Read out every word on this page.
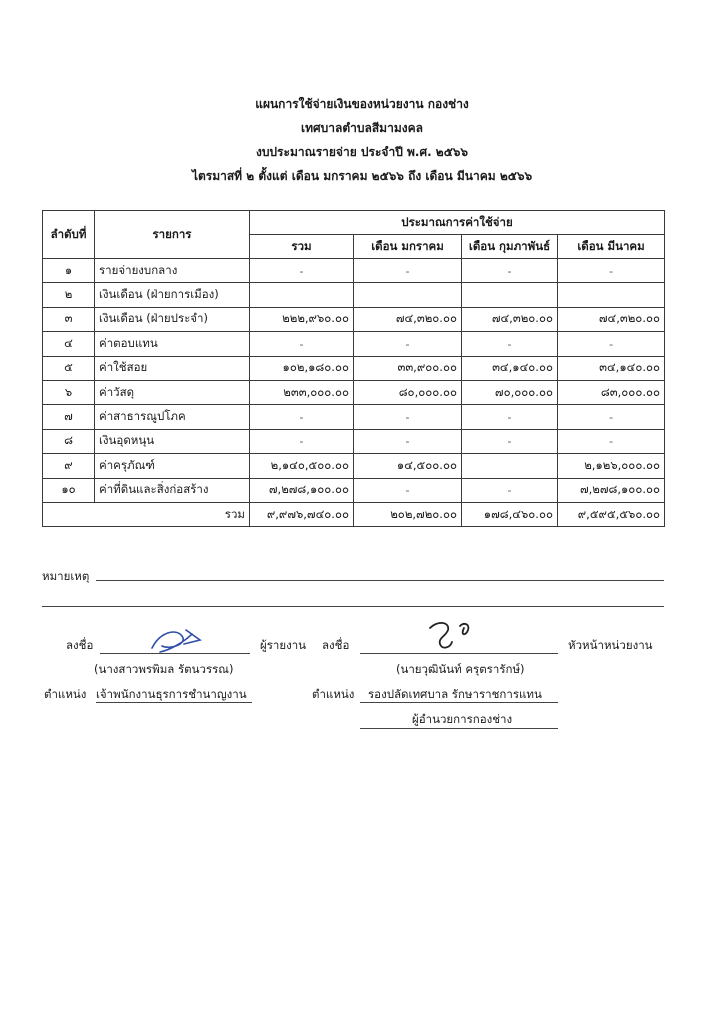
แผนการใช้จ่ายเงินของหน่วยงาน กองช่าง
เทศบาลตำบลสีมามงคล
งบประมาณรายจ่าย ประจำปี พ.ศ. ๒๕๖๖
ไตรมาสที่ ๒ ตั้งแต่ เดือน มกราคม ๒๕๖๖ ถึง เดือน มีนาคม ๒๕๖๖
ลำดับที่	รายการ	ประมาณการค่าใช้จ่าย			
		รวม	เดือน มกราคม	เดือน กุมภาพันธ์	เดือน มีนาคม
๑	รายจ่ายงบกลาง	-	-	-	-
๒	เงินเดือน (ฝ่ายการเมือง)				
๓	เงินเดือน (ฝ่ายประจำ)	๒๒๒,๙๖๐.๐๐	๗๔,๓๒๐.๐๐	๗๔,๓๒๐.๐๐	๗๔,๓๒๐.๐๐
๔	ค่าตอบแทน	-	-	-	-
๕	ค่าใช้สอย	๑๐๒,๑๘๐.๐๐	๓๓,๙๐๐.๐๐	๓๔,๑๔๐.๐๐	๓๔,๑๔๐.๐๐
๖	ค่าวัสดุ	๒๓๓,๐๐๐.๐๐	๘๐,๐๐๐.๐๐	๗๐,๐๐๐.๐๐	๘๓,๐๐๐.๐๐
๗	ค่าสาธารณูปโภค	-	-	-	-
๘	เงินอุดหนุน	-	-	-	-
๙	ค่าครุภัณฑ์	๒,๑๔๐,๕๐๐.๐๐	๑๔,๕๐๐.๐๐		๒,๑๒๖,๐๐๐.๐๐
๑๐	ค่าที่ดินและสิ่งก่อสร้าง	๗,๒๗๘,๑๐๐.๐๐	-	-	๗,๒๗๘,๑๐๐.๐๐
รวม		๙,๙๗๖,๗๔๐.๐๐	๒๐๒,๗๒๐.๐๐	๑๗๘,๔๖๐.๐๐	๙,๕๙๕,๕๖๐.๐๐
หมายเหตุ
ลงชื่อ	ผู้รายงาน
(นางสาวพรพิมล รัตนวรรณ)
ตำแหน่ง เจ้าพนักงานธุรการชำนาญงาน
ลงชื่อ	หัวหน้าหน่วยงาน
(นายวุฒินันท์ ครุตรารักษ์)
ตำแหน่ง รองปลัดเทศบาล รักษาราชการแทน
ผู้อำนวยการกองช่าง
